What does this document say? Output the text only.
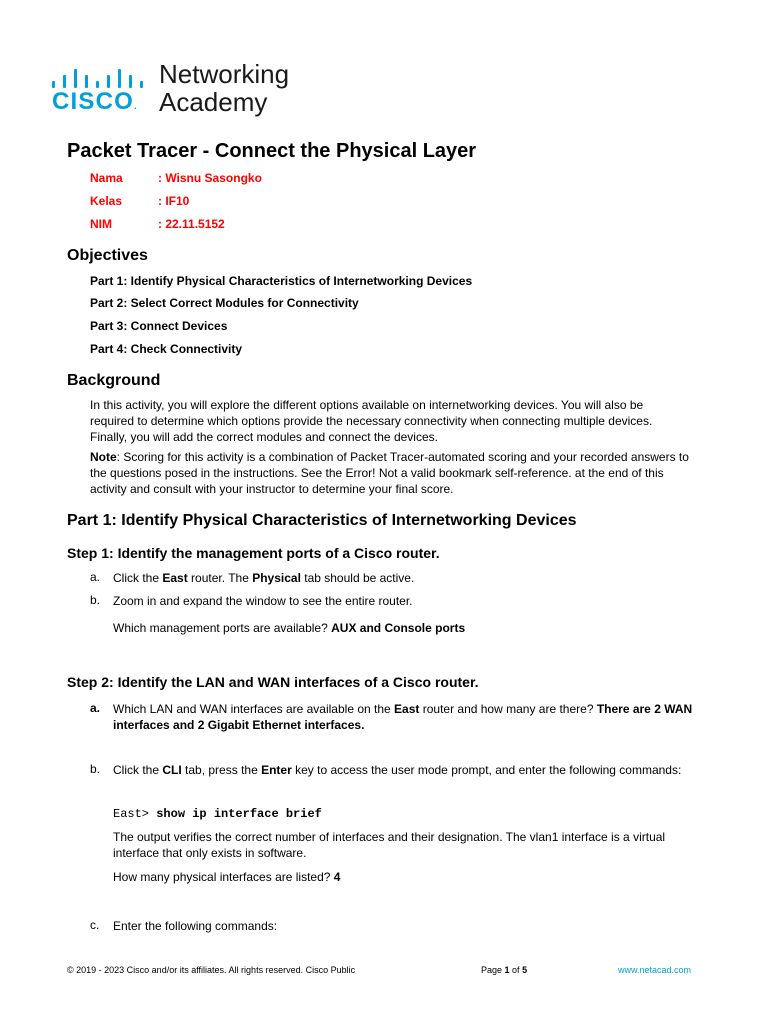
CISCO.
Networking
Academy
Packet Tracer - Connect the Physical Layer
Nama	: Wisnu Sasongko
Kelas	: IF10
NIM	: 22.11.5152
Objectives
Part 1: Identify Physical Characteristics of Internetworking Devices
Part 2: Select Correct Modules for Connectivity
Part 3: Connect Devices
Part 4: Check Connectivity
Background
In this activity, you will explore the different options available on internetworking devices. You will also be required to determine which options provide the necessary connectivity when connecting multiple devices. Finally, you will add the correct modules and connect the devices.
Note: Scoring for this activity is a combination of Packet Tracer-automated scoring and your recorded answers to the questions posed in the instructions. See the Error! Not a valid bookmark self-reference. at the end of this activity and consult with your instructor to determine your final score.
Part 1: Identify Physical Characteristics of Internetworking Devices
Step 1: Identify the management ports of a Cisco router.
a. Click the East router. The Physical tab should be active.
b. Zoom in and expand the window to see the entire router.
Which management ports are available? AUX and Console ports
Step 2: Identify the LAN and WAN interfaces of a Cisco router.
a. Which LAN and WAN interfaces are available on the East router and how many are there? There are 2 WAN interfaces and 2 Gigabit Ethernet interfaces.
b. Click the CLI tab, press the Enter key to access the user mode prompt, and enter the following commands:
East> show ip interface brief
The output verifies the correct number of interfaces and their designation. The vlan1 interface is a virtual interface that only exists in software.
How many physical interfaces are listed? 4
c. Enter the following commands:
© 2019 - 2023 Cisco and/or its affiliates. All rights reserved. Cisco Public	Page 1 of 5	www.netacad.com
